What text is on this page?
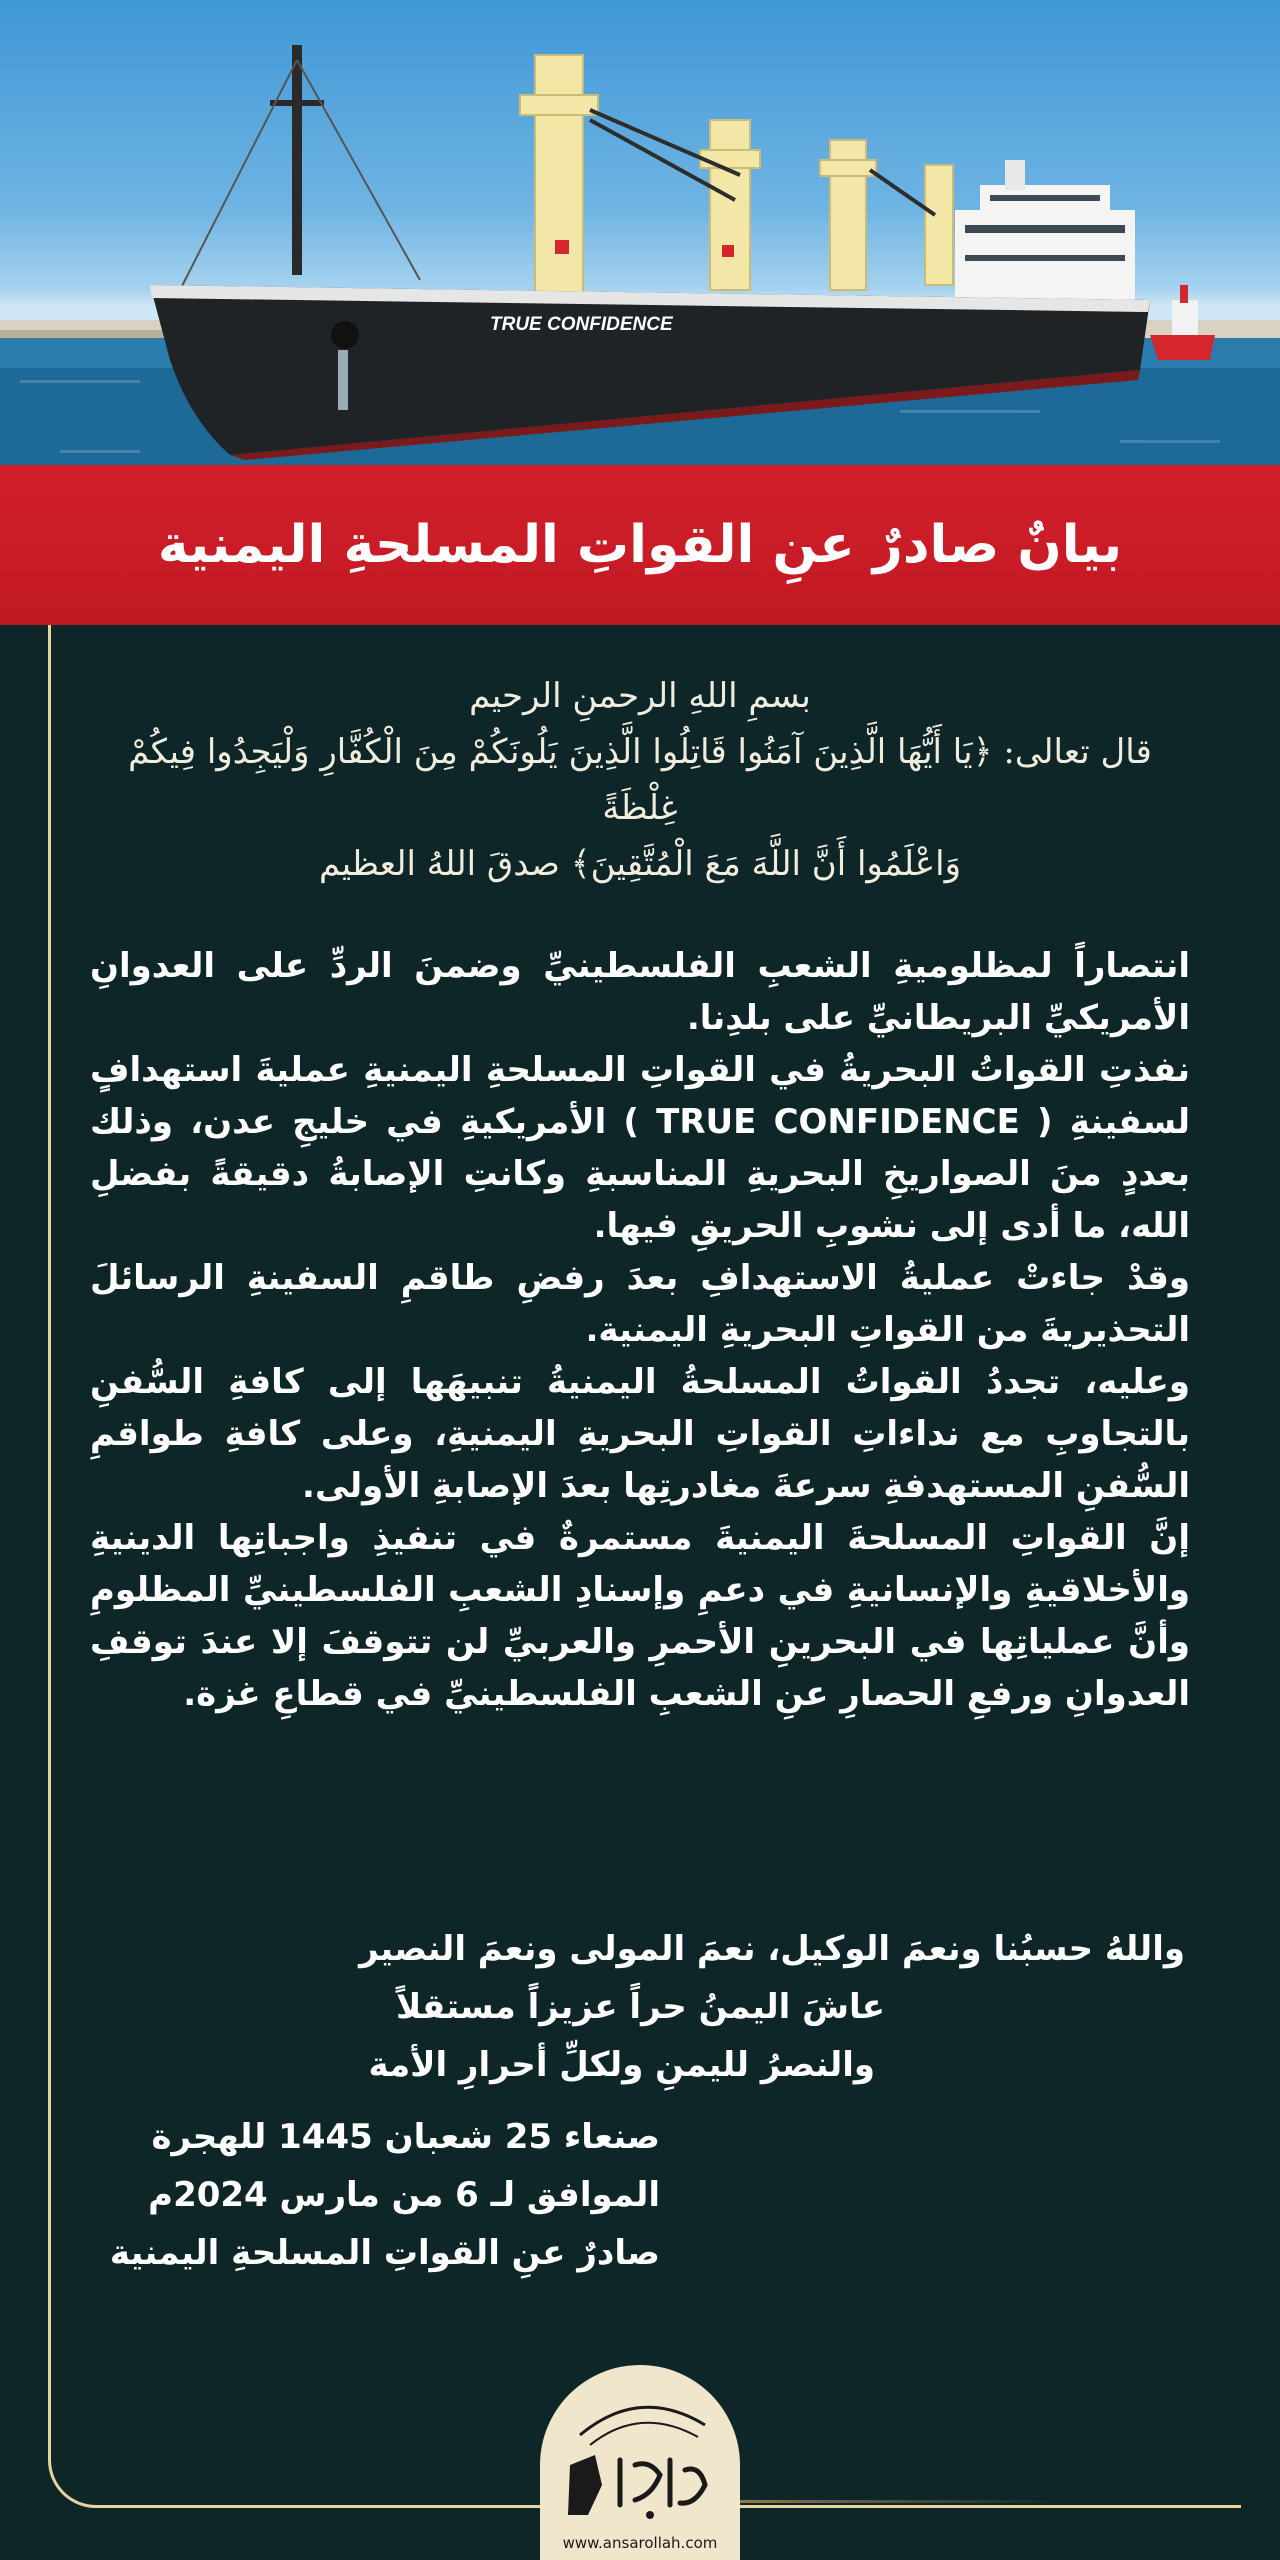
TRUE CONFIDENCE
بيانٌ صادرٌ عنِ القواتِ المسلحةِ اليمنية
بسمِ اللهِ الرحمنِ الرحيم
قال تعالى: ﴿يَا أَيُّهَا الَّذِينَ آمَنُوا قَاتِلُوا الَّذِينَ يَلُونَكُمْ مِنَ الْكُفَّارِ وَلْيَجِدُوا فِيكُمْ غِلْظَةً
وَاعْلَمُوا أَنَّ اللَّهَ مَعَ الْمُتَّقِينَ﴾ صدقَ اللهُ العظيم

انتصاراً لمظلوميةِ الشعبِ الفلسطينيِّ وضمنَ الردِّ على العدوانِ الأمريكيِّ البريطانيِّ على بلدِنا.

نفذتِ القواتُ البحريةُ في القواتِ المسلحةِ اليمنيةِ عمليةَ استهدافٍ لسفينةِ ( TRUE CONFIDENCE ) الأمريكيةِ في خليجِ عدن، وذلك بعددٍ منَ الصواريخِ البحريةِ المناسبةِ وكانتِ الإصابةُ دقيقةً بفضلِ الله، ما أدى إلى نشوبِ الحريقِ فيها.

وقدْ جاءتْ عمليةُ الاستهدافِ بعدَ رفضِ طاقمِ السفينةِ الرسائلَ التحذيريةَ من القواتِ البحريةِ اليمنية.

وعليه، تجددُ القواتُ المسلحةُ اليمنيةُ تنبيهَها إلى كافةِ السُّفنِ بالتجاوبِ مع نداءاتِ القواتِ البحريةِ اليمنيةِ، وعلى كافةِ طواقمِ السُّفنِ المستهدفةِ سرعةَ مغادرتِها بعدَ الإصابةِ الأولى.

إنَّ القواتِ المسلحةَ اليمنيةَ مستمرةٌ في تنفيذِ واجباتِها الدينيةِ والأخلاقيةِ والإنسانيةِ في دعمِ وإسنادِ الشعبِ الفلسطينيِّ المظلومِ وأنَّ عملياتِها في البحرينِ الأحمرِ والعربيِّ لن تتوقفَ إلا عندَ توقفِ العدوانِ ورفعِ الحصارِ عنِ الشعبِ الفلسطينيِّ في قطاعِ غزة.

واللهُ حسبُنا ونعمَ الوكيل، نعمَ المولى ونعمَ النصير
عاشَ اليمنُ حراً عزيزاً مستقلاً
والنصرُ لليمنِ ولكلِّ أحرارِ الأمة
صنعاء 25 شعبان 1445 للهجرة
الموافق لـ 6 من مارس 2024م
صادرٌ عنِ القواتِ المسلحةِ اليمنية
www.ansarollah.com
